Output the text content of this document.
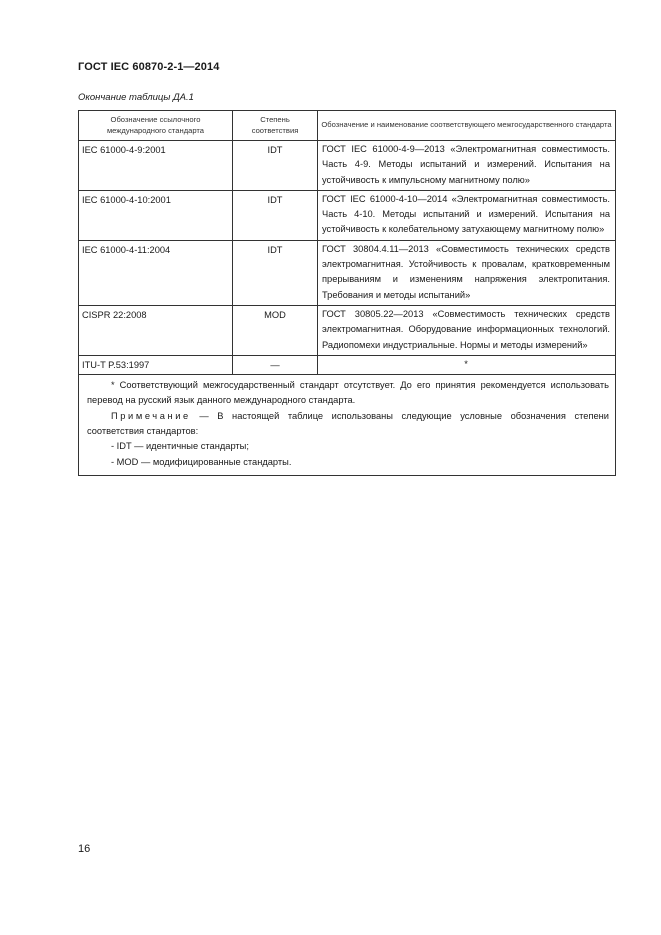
ГОСТ IEC 60870-2-1—2014
Окончание таблицы ДА.1
Обозначение ссылочного международного стандарта	Степень соответствия	Обозначение и наименование соответствующего межгосударственного стандарта
IEC 61000-4-9:2001	IDT	ГОСТ IEC 61000-4-9—2013 «Электромагнитная совместимость. Часть 4-9. Методы испытаний и измерений. Испытания на устойчивость к импульсному магнитному полю»
IEC 61000-4-10:2001	IDT	ГОСТ IEC 61000-4-10—2014 «Электромагнитная совместимость. Часть 4-10. Методы испытаний и измерений. Испытания на устойчивость к колебательному затухающему магнитному полю»
IEC 61000-4-11:2004	IDT	ГОСТ 30804.4.11—2013 «Совместимость технических средств электромагнитная. Устойчивость к провалам, кратковременным прерываниям и изменениям напряжения электропитания. Требования и методы испытаний»
CISPR 22:2008	MOD	ГОСТ 30805.22—2013 «Совместимость технических средств электромагнитная. Оборудование информационных технологий. Радиопомехи индустриальные. Нормы и методы измерений»
ITU-T P.53:1997	—	*

* Соответствующий межгосударственный стандарт отсутствует. До его принятия рекомендуется использовать перевод на русский язык данного международного стандарта.

Примечание — В настоящей таблице использованы следующие условные обозначения степени соответствия стандартов:

- IDT — идентичные стандарты;

- MOD — модифицированные стандарты.		

16
